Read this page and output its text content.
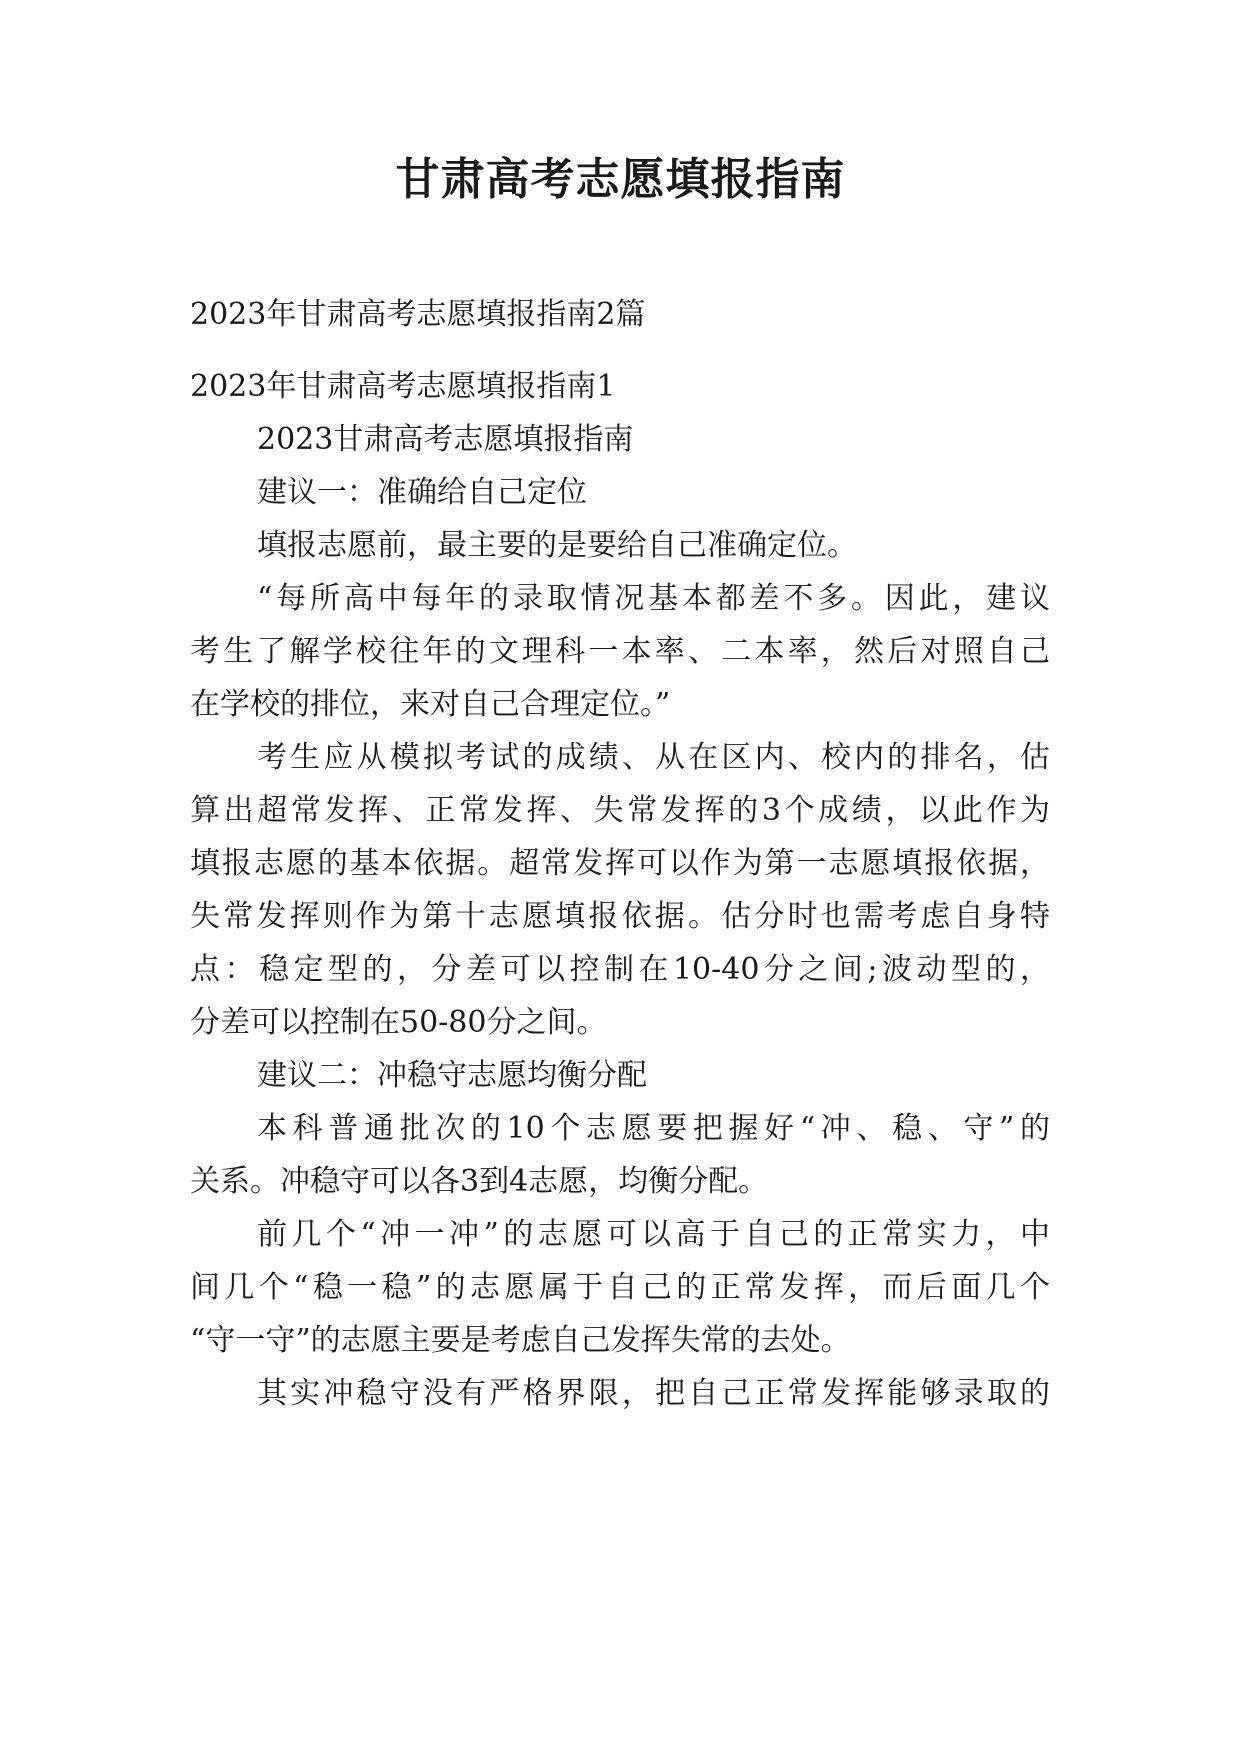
甘肃高考志愿填报指南

2023年甘肃高考志愿填报指南2篇

2023年甘肃高考志愿填报指南1

2023甘肃高考志愿填报指南

建议一：准确给自己定位

填报志愿前，最主要的是要给自己准确定位。

“每所高中每年的录取情况基本都差不多。因此，建议

考生了解学校往年的文理科一本率、二本率，然后对照自己

在学校的排位，来对自己合理定位。”

考生应从模拟考试的成绩、从在区内、校内的排名，估

算出超常发挥、正常发挥、失常发挥的3个成绩，以此作为

填报志愿的基本依据。超常发挥可以作为第一志愿填报依据，

失常发挥则作为第十志愿填报依据。估分时也需考虑自身特

点：稳定型的，分差可以控制在10-40分之间;波动型的，

分差可以控制在50-80分之间。

建议二：冲稳守志愿均衡分配

本科普通批次的10个志愿要把握好“冲、稳、守”的

关系。冲稳守可以各3到4志愿，均衡分配。

前几个“冲一冲”的志愿可以高于自己的正常实力，中

间几个“稳一稳”的志愿属于自己的正常发挥，而后面几个

“守一守”的志愿主要是考虑自己发挥失常的去处。

其实冲稳守没有严格界限，把自己正常发挥能够录取的
